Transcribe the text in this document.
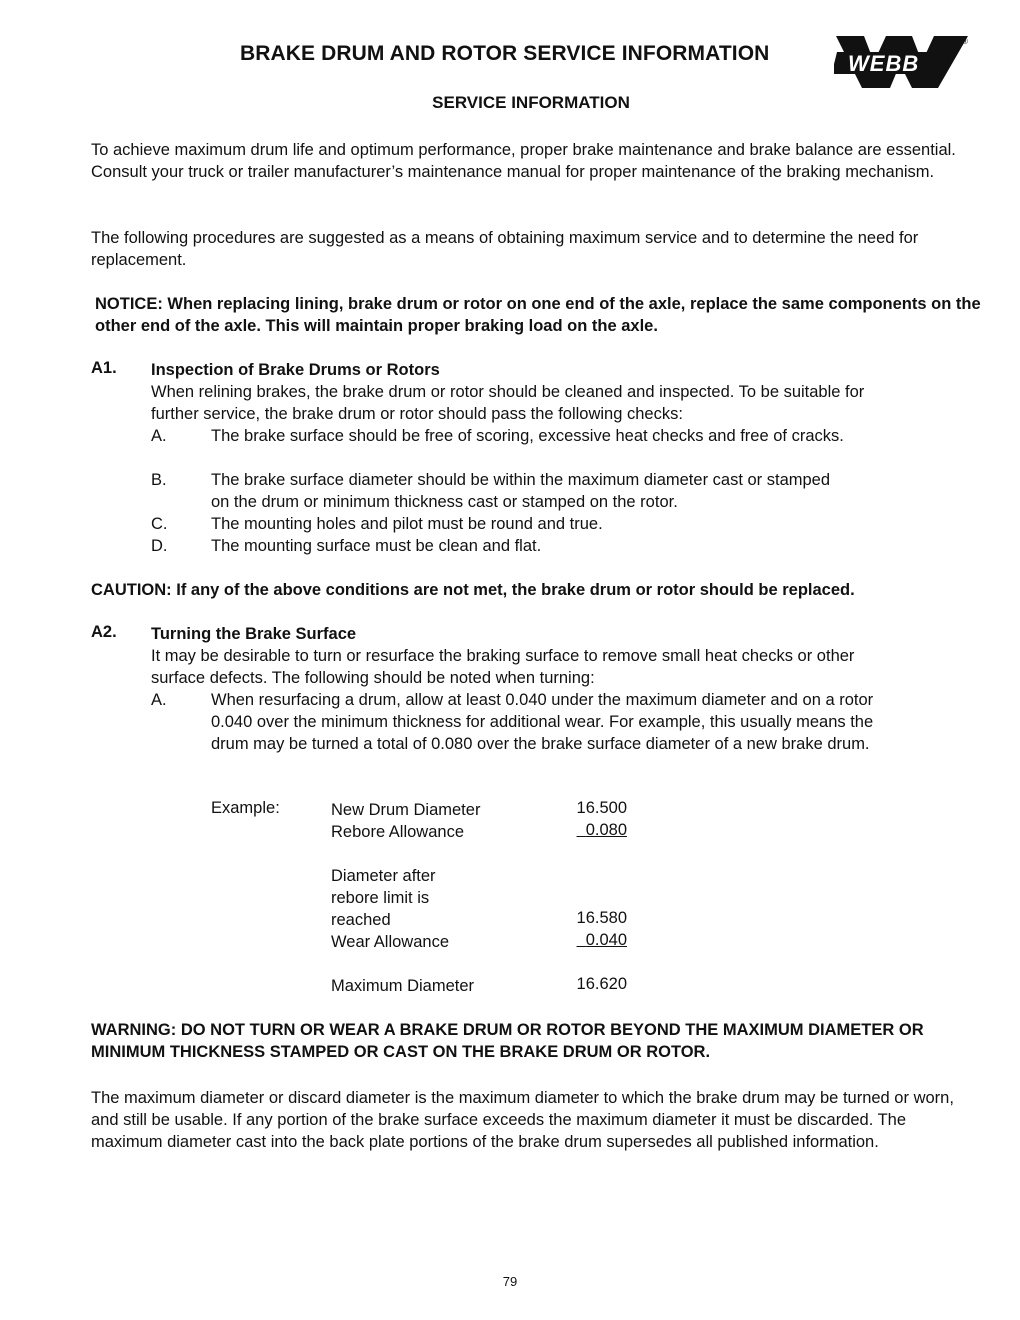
BRAKE DRUM AND ROTOR SERVICE INFORMATION	WEBB
®
SERVICE INFORMATION
To achieve maximum drum life and optimum performance, proper brake maintenance and brake balance are essential. Consult your truck or trailer manufacturer’s maintenance manual for proper maintenance of the braking mechanism.
The following procedures are suggested as a means of obtaining maximum service and to determine the need for replacement.
NOTICE: When replacing lining, brake drum or rotor on one end of the axle, replace the same components on the other end of the axle. This will maintain proper braking load on the axle.
A1. Inspection of Brake Drums or Rotors
When relining brakes, the brake drum or rotor should be cleaned and inspected. To be suitable for further service, the brake drum or rotor should pass the following checks:
A.	The brake surface should be free of scoring, excessive heat checks and free of cracks.
B.	The brake surface diameter should be within the maximum diameter cast or stamped on the drum or minimum thickness cast or stamped on the rotor.
C.	The mounting holes and pilot must be round and true.
D.	The mounting surface must be clean and flat.
CAUTION: If any of the above conditions are not met, the brake drum or rotor should be replaced.
A2. Turning the Brake Surface
It may be desirable to turn or resurface the braking surface to remove small heat checks or other surface defects. The following should be noted when turning:
A.	When resurfacing a drum, allow at least 0.040 under the maximum diameter and on a rotor 0.040 over the minimum thickness for additional wear. For example, this usually means the drum may be turned a total of 0.080 over the brake surface diameter of a new brake drum.
Example:	New Drum Diameter	16.500
Rebore Allowance	0.080
Diameter after rebore limit is reached	16.580
Wear Allowance	0.040
Maximum Diameter	16.620
WARNING: DO NOT TURN OR WEAR A BRAKE DRUM OR ROTOR BEYOND THE MAXIMUM DIAMETER OR MINIMUM THICKNESS STAMPED OR CAST ON THE BRAKE DRUM OR ROTOR.
The maximum diameter or discard diameter is the maximum diameter to which the brake drum may be turned or worn, and still be usable. If any portion of the brake surface exceeds the maximum diameter it must be discarded. The maximum diameter cast into the back plate portions of the brake drum supersedes all published information.
79
